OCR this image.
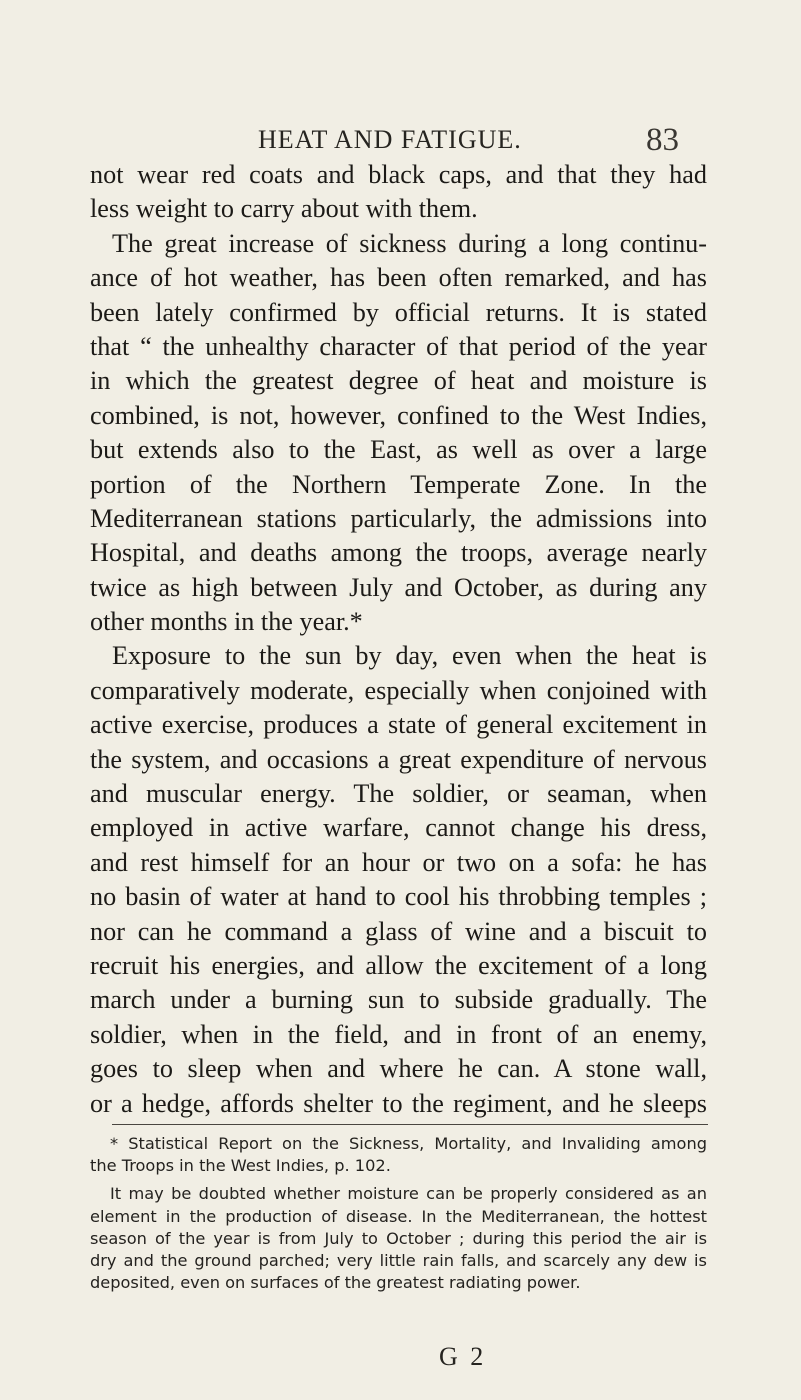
HEAT AND FATIGUE.	83
not wear red coats and black caps, and that they had
less weight to carry about with them.
The great increase of sickness during a long continu-
ance of hot weather, has been often remarked, and has
been lately confirmed by official returns. It is stated
that “ the unhealthy character of that period of the year
in which the greatest degree of heat and moisture is
combined, is not, however, confined to the West Indies,
but extends also to the East, as well as over a large
portion of the Northern Temperate Zone. In the
Mediterranean stations particularly, the admissions into
Hospital, and deaths among the troops, average nearly
twice as high between July and October, as during any
other months in the year.*
Exposure to the sun by day, even when the heat is
comparatively moderate, especially when conjoined with
active exercise, produces a state of general excitement in
the system, and occasions a great expenditure of nervous
and muscular energy. The soldier, or seaman, when
employed in active warfare, cannot change his dress,
and rest himself for an hour or two on a sofa: he has
no basin of water at hand to cool his throbbing temples ;
nor can he command a glass of wine and a biscuit to
recruit his energies, and allow the excitement of a long
march under a burning sun to subside gradually. The
soldier, when in the field, and in front of an enemy,
goes to sleep when and where he can. A stone wall,
or a hedge, affords shelter to the regiment, and he sleeps
* Statistical Report on the Sickness, Mortality, and Invaliding among
the Troops in the West Indies, p. 102.
It may be doubted whether moisture can be properly considered as an
element in the production of disease. In the Mediterranean, the hottest
season of the year is from July to October ; during this period the air is
dry and the ground parched; very little rain falls, and scarcely any dew is
deposited, even on surfaces of the greatest radiating power.
G 2
